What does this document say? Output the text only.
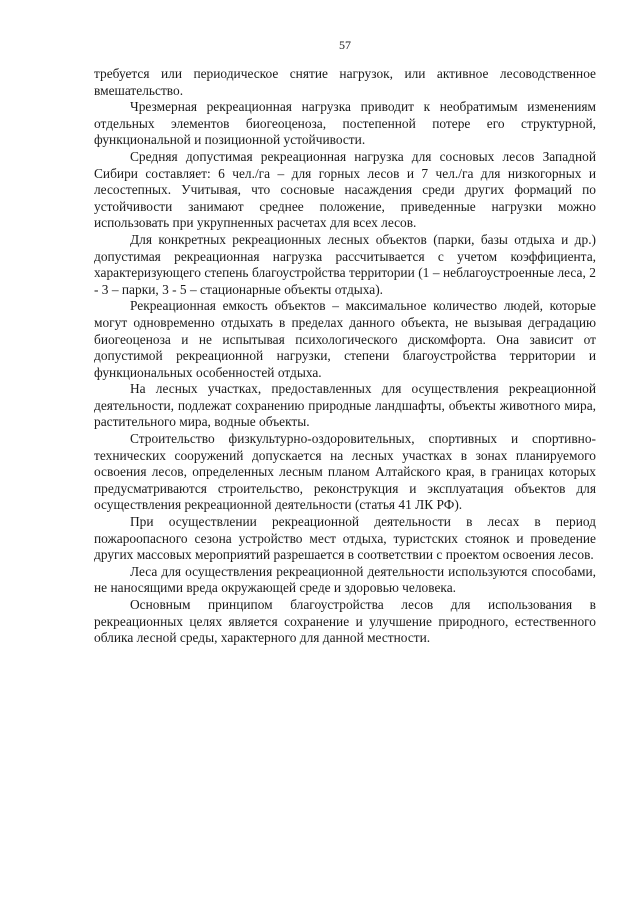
57

требуется или периодическое снятие нагрузок, или активное лесоводственное вмешательство.

Чрезмерная рекреационная нагрузка приводит к необратимым изменениям отдельных элементов биогеоценоза, постепенной потере его структурной, функциональной и позиционной устойчивости.

Средняя допустимая рекреационная нагрузка для сосновых лесов Западной Сибири составляет: 6 чел./га – для горных лесов и 7 чел./га для низкогорных и лесостепных. Учитывая, что сосновые насаждения среди других формаций по устойчивости занимают среднее положение, приведенные нагрузки можно использовать при укрупненных расчетах для всех лесов.

Для конкретных рекреационных лесных объектов (парки, базы отдыха и др.) допустимая рекреационная нагрузка рассчитывается с учетом коэффициента, характеризующего степень благоустройства территории (1 – неблагоустроенные леса, 2 - 3 – парки, 3 - 5 – стационарные объекты отдыха).

Рекреационная емкость объектов – максимальное количество людей, которые могут одновременно отдыхать в пределах данного объекта, не вызывая деградацию биогеоценоза и не испытывая психологического дискомфорта. Она зависит от допустимой рекреационной нагрузки, степени благоустройства территории и функциональных особенностей отдыха.

На лесных участках, предоставленных для осуществления рекреационной деятельности, подлежат сохранению природные ландшафты, объекты животного мира, растительного мира, водные объекты.

Строительство физкультурно-оздоровительных, спортивных и спортивно-технических сооружений допускается на лесных участках в зонах планируемого освоения лесов, определенных лесным планом Алтайского края, в границах которых предусматриваются строительство, реконструкция и эксплуатация объектов для осуществления рекреационной деятельности (статья 41 ЛК РФ).

При осуществлении рекреационной деятельности в лесах в период пожароопасного сезона устройство мест отдыха, туристских стоянок и проведение других массовых мероприятий разрешается в соответствии с проектом освоения лесов.

Леса для осуществления рекреационной деятельности используются способами, не наносящими вреда окружающей среде и здоровью человека.

Основным принципом благоустройства лесов для использования в рекреационных целях является сохранение и улучшение природного, естественного облика лесной среды, характерного для данной местности.
